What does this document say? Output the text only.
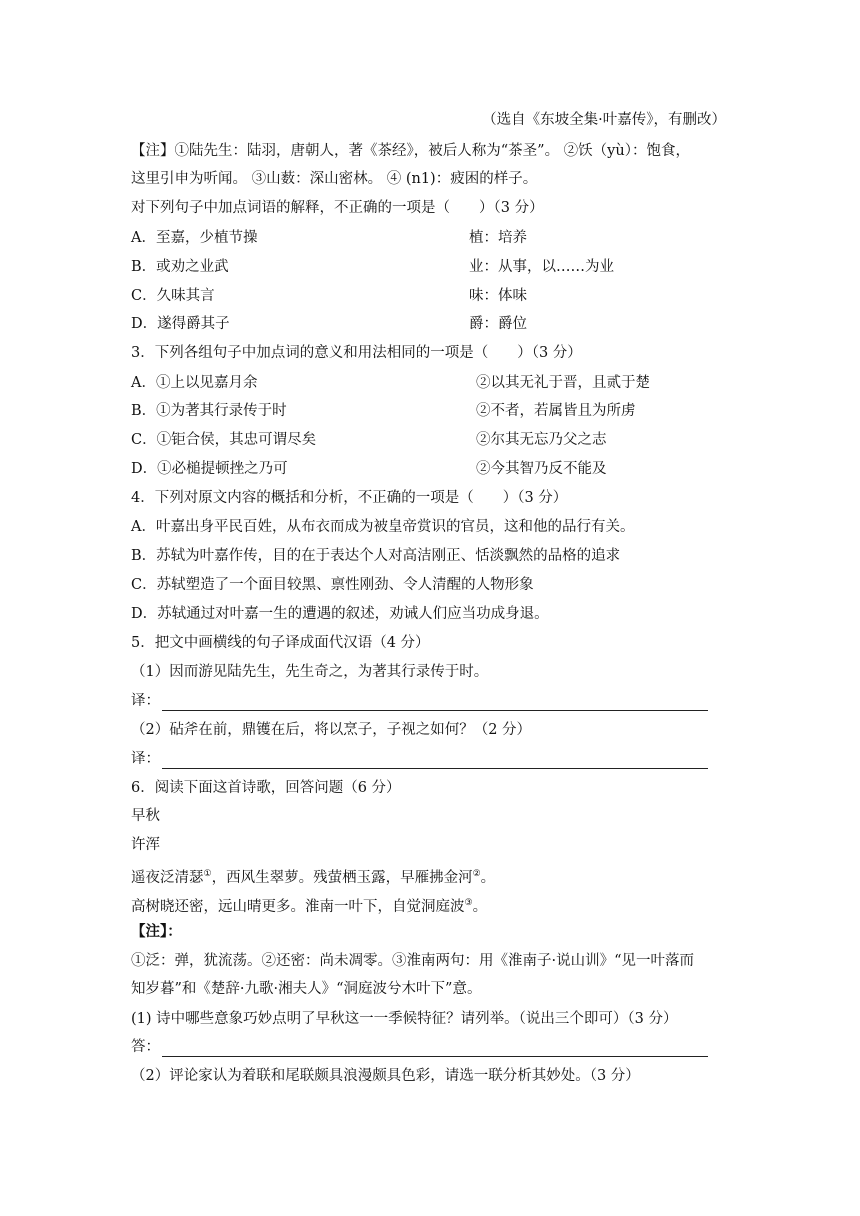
（选自《东坡全集·叶嘉传》，有删改）
【注】①陆先生：陆羽，唐朝人，著《茶经》，被后人称为“茶圣”。 ②饫（yù）：饱食，
这里引申为听闻。 ③山薮：深山密林。 ④ (n1)：疲困的样子。
对下列句子中加点词语的解释，不正确的一项是（　　）（3 分）
A．至嘉，少植节操	植：培养
B．或劝之业武	业：从事，以……为业
C．久味其言	味：体味
D．遂得爵其子	爵：爵位
3．下列各组句子中加点词的意义和用法相同的一项是（　　）（3 分）
A．①上以见嘉月余	②以其无礼于晋，且贰于楚
B．①为著其行录传于时	②不者，若属皆且为所虏
C．①钜合侯，其忠可谓尽矣	②尔其无忘乃父之志
D．①必槌提顿挫之乃可	②今其智乃反不能及
4．下列对原文内容的概括和分析，不正确的一项是（　　）（3 分）
A．叶嘉出身平民百姓，从布衣而成为被皇帝赏识的官员，这和他的品行有关。
B．苏轼为叶嘉作传，目的在于表达个人对高洁刚正、恬淡飘然的品格的追求
C．苏轼塑造了一个面目较黑、禀性刚劲、令人清醒的人物形象
D．苏轼通过对叶嘉一生的遭遇的叙述，劝诫人们应当功成身退。
5．把文中画横线的句子译成面代汉语（4 分）
（1）因而游见陆先生，先生奇之，为著其行录传于时。
译：
（2）砧斧在前，鼎镬在后，将以烹子，子视之如何？（2 分）
译：
6．阅读下面这首诗歌，回答问题（6 分）
早秋
许浑
遥夜泛清瑟①，西风生翠萝。残萤栖玉露，早雁拂金河②。
高树晓还密，远山晴更多。淮南一叶下，自觉洞庭波③。
【注】：
①泛：弹，犹流荡。②还密：尚未凋零。③淮南两句：用《淮南子·说山训》“见一叶落而
知岁暮”和《楚辞·九歌·湘夫人》“洞庭波兮木叶下”意。
(1) 诗中哪些意象巧妙点明了早秋这一一季候特征？请列举。（说出三个即可）（3 分）
答：
（2）评论家认为着联和尾联颇具浪漫颇具色彩，请选一联分析其妙处。（3 分）
